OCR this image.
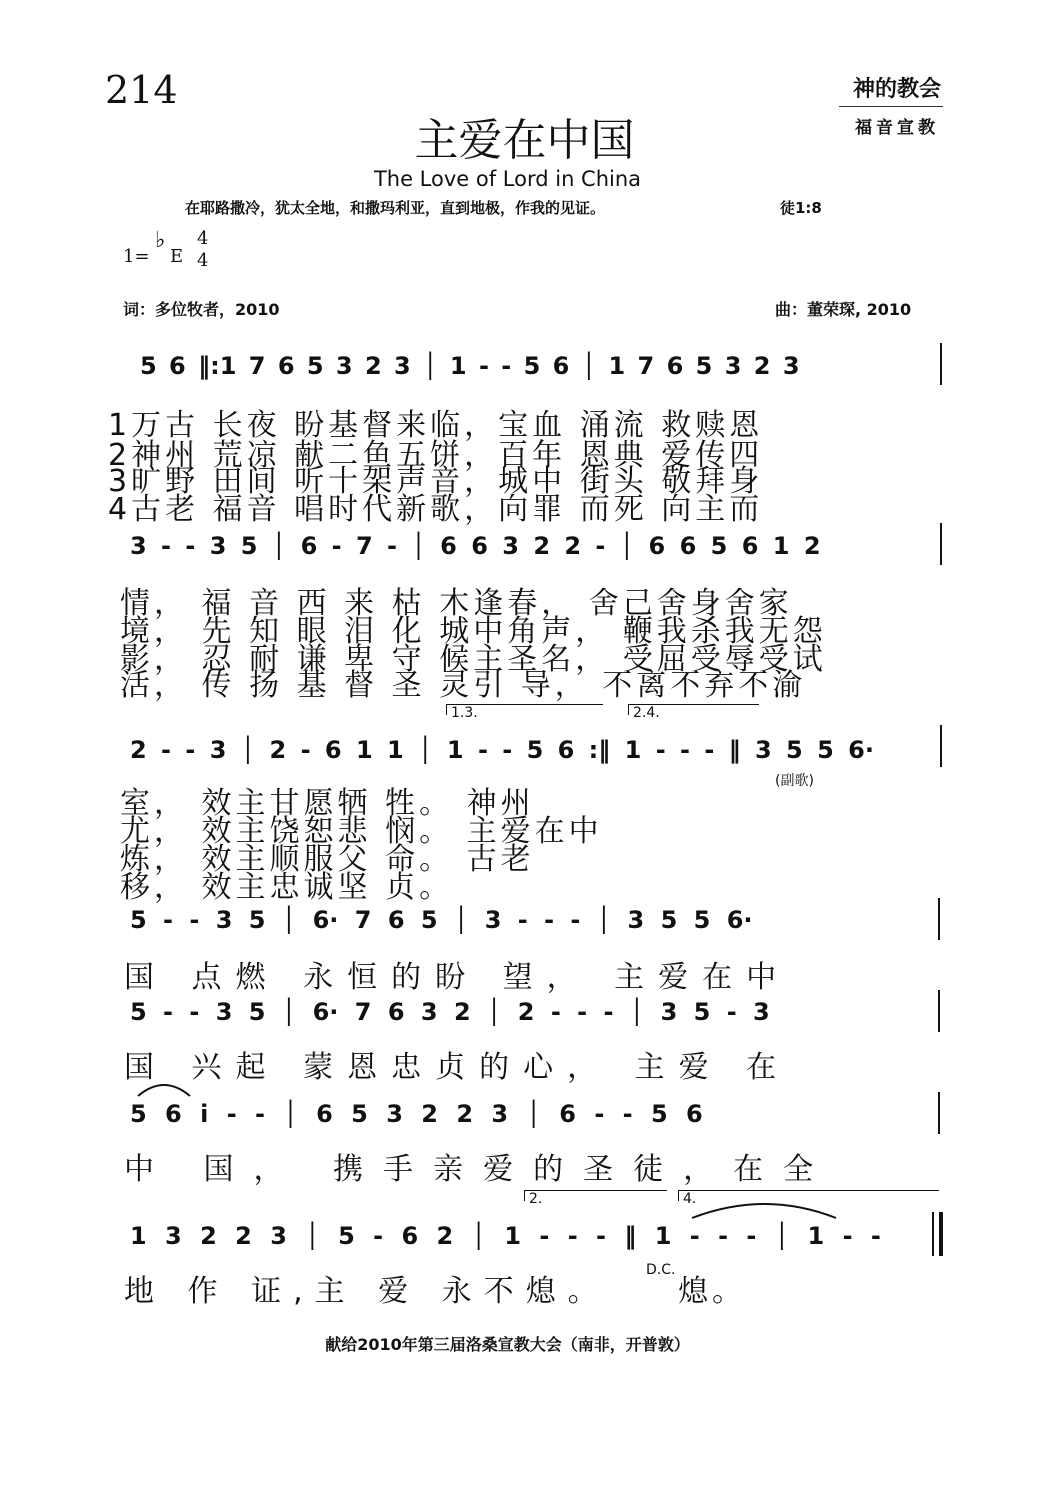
214	神的教会
福音宣教
主爱在中国
The Love of Lord in China
在耶路撒冷，犹太全地，和撒玛利亚，直到地极，作我的见证。	徒1:8
1=
♭
E
4
4
词：多位牧者，2010	曲：董荣琛, 2010
5 6 ‖:1 7 6 5 3 2 3 │ 1 - - 5 6 │ 1 7 6 5 3 2 3
1万古 长夜 盼基督来临，宝血 涌流 救赎恩
2神州 荒凉 献二鱼五饼，百年 恩典 爱传四
3旷野 田间 听十架声音，城中 街头 敬拜身
4古老 福音 唱时代新歌，向罪 而死 向主而
3 - - 3 5 │ 6 - 7 - │ 6 6 3 2 2 - │ 6 6 5 6 1 2
情， 福 音 西 来 枯 木逢春， 舍己舍身舍家
境， 先 知 眼 泪 化 城中角声， 鞭我杀我无怨
影， 忍 耐 谦 卑 守 候主圣名， 受屈受辱受试
活， 传 扬 基 督 圣 灵引 导， 不离不弃不渝
1.3.	2.4.
2 - - 3 │ 2 - 6 1 1 │ 1 - - 5 6 :‖ 1 - - - ‖ 3 5 5 6·
(副歌)
室， 效主甘愿牺 牲。 神州
尤， 效主饶恕悲 悯。 主爱在中
炼， 效主顺服父 命。 古老
移， 效主忠诚坚 贞。
5 - - 3 5 │ 6· 7 6 5 │ 3 - - - │ 3 5 5 6·
国 点燃 永恒的盼 望， 主爱在中
5 - - 3 5 │ 6· 7 6 3 2 │ 2 - - - │ 3 5 - 3
国 兴起 蒙恩忠贞的心， 主爱 在
5 6 i - - │ 6 5 3 2 2 3 │ 6 - - 5 6
中 国， 携手亲爱的圣徒，在全
2.	4.
1 3 2 2 3 │ 5 - 6 2 │ 1 - - - ‖ 1 - - - │ 1 - -
地 作 证,主 爱 永不熄。
D.C.
熄。
献给2010年第三届洛桑宣教大会（南非，开普敦）
